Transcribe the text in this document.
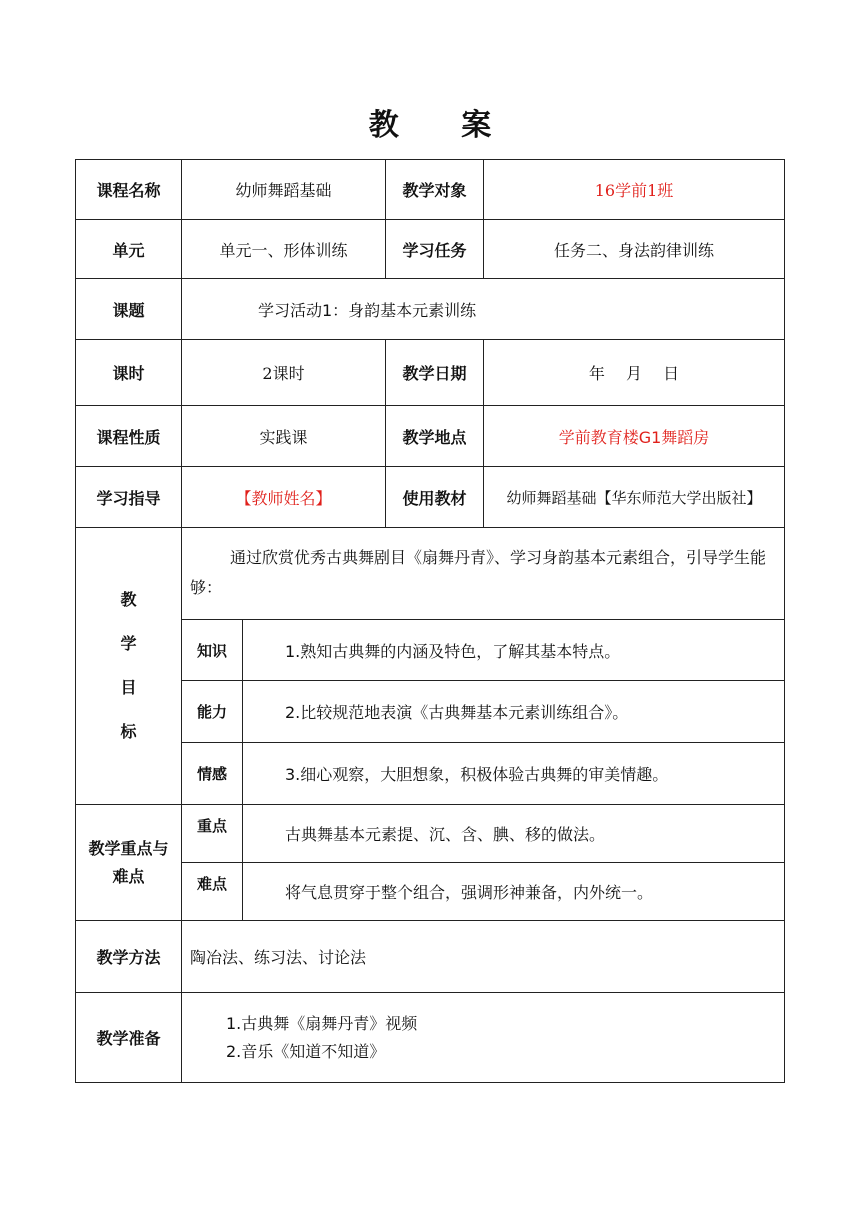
教 案
课程名称	幼师舞蹈基础		教学对象	16学前1班
单元	单元一、形体训练		学习任务	任务二、身法韵律训练
课题	学习活动1：身韵基本元素训练			
课时	2课时		教学日期	年　 月　 日
课程性质	实践课		教学地点	学前教育楼G1舞蹈房
学习指导	【教师姓名】		使用教材	幼师舞蹈基础【华东师范大学出版社】

教
学
目
标	通过欣赏优秀古典舞剧目《扇舞丹青》、学习身韵基本元素组合，引导学生能够：			
	知识	1.熟知古典舞的内涵及特色，了解其基本特点。		
	能力	2.比较规范地表演《古典舞基本元素训练组合》。		
	情感	3.细心观察，大胆想象，积极体验古典舞的审美情趣。		

教学重点与
难点	重点	古典舞基本元素提、沉、含、腆、移的做法。		
	难点	将气息贯穿于整个组合，强调形神兼备，内外统一。		
教学方法	陶冶法、练习法、讨论法			
教学准备	1.古典舞《扇舞丹青》视频
2.音乐《知道不知道》			
